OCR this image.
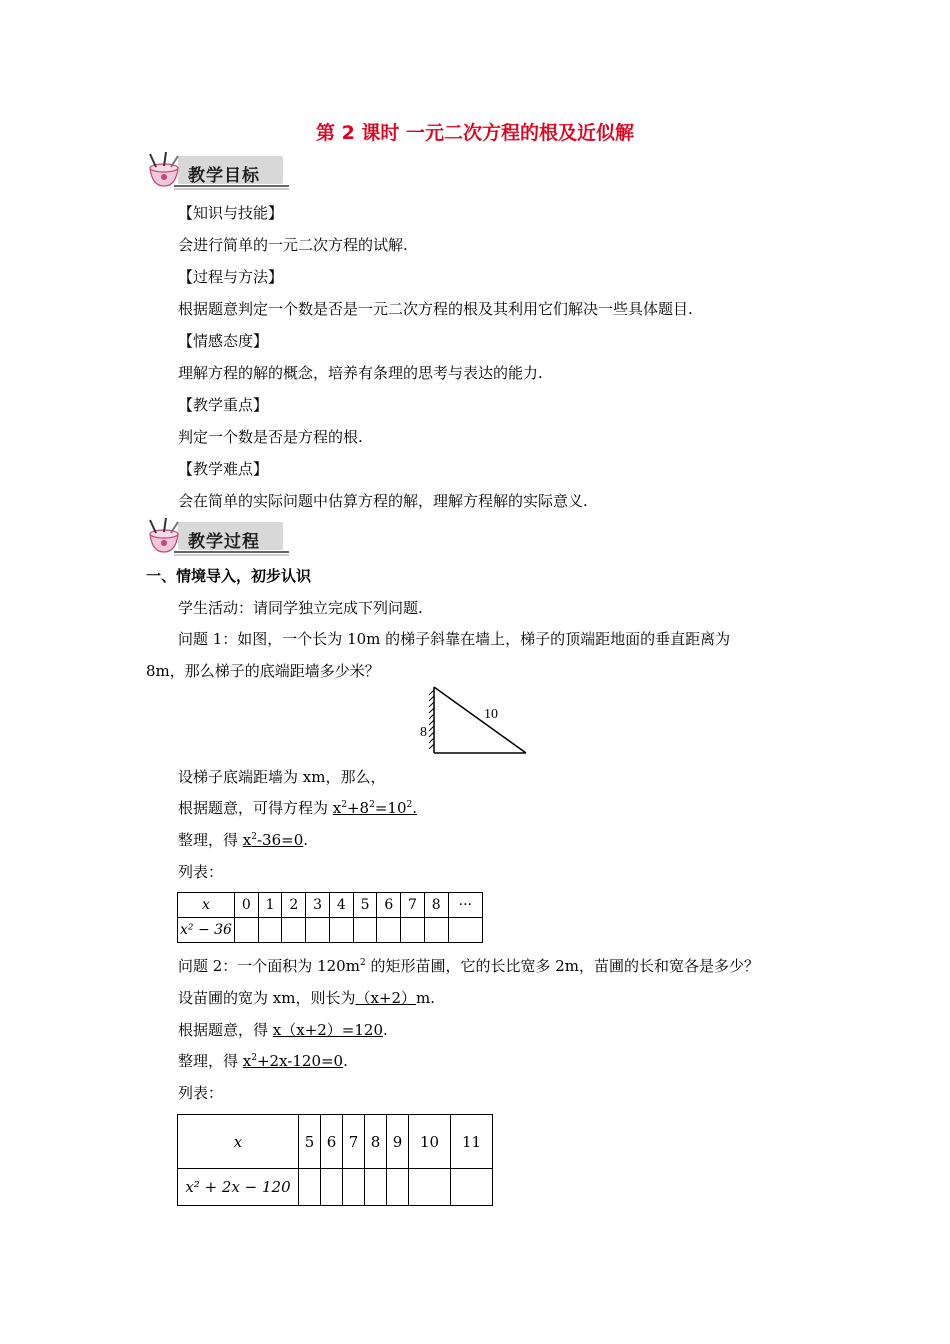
第 2 课时 一元二次方程的根及近似解
教学目标
【知识与技能】
会进行简单的一元二次方程的试解.
【过程与方法】
根据题意判定一个数是否是一元二次方程的根及其利用它们解决一些具体题目.
【情感态度】
理解方程的解的概念，培养有条理的思考与表达的能力.
【教学重点】
判定一个数是否是方程的根.
【教学难点】
会在简单的实际问题中估算方程的解，理解方程解的实际意义.
教学过程
一、情境导入，初步认识
学生活动：请同学独立完成下列问题.
问题 1：如图，一个长为 10m 的梯子斜靠在墙上，梯子的顶端距地面的垂直距离为
8m，那么梯子的底端距墙多少米？
10
8
设梯子底端距墙为 xm，那么，
根据题意，可得方程为 $x^2+8^2=10^2$.
整理，得 $x^2-36=0$.
列表：
x	0	1	2	3	4	5	6	7	8	···
x² − 36										
问题 2：一个面积为 $120m^2$ 的矩形苗圃，它的长比宽多 2m，苗圃的长和宽各是多少？
设苗圃的宽为 xm，则长为（x+2）m.
根据题意，得 x（x+2）=120.
整理，得 $x^2+2x-120=0$.
列表：
x	5	6	7	8	9	10	11
x² + 2x − 120							
